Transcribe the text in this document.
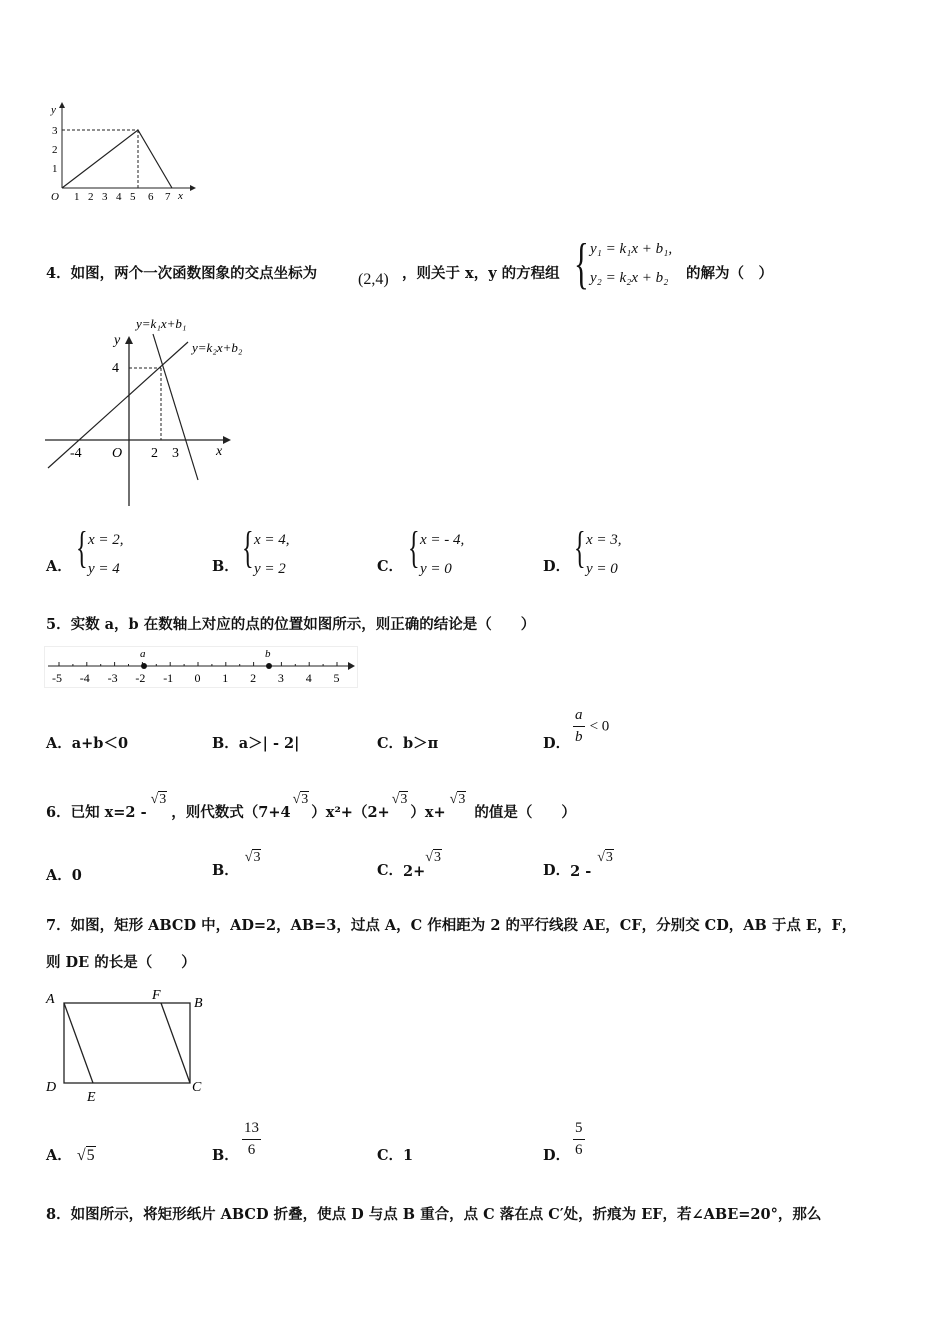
y
x
O
1
2
3
1 2 3 4 5 6 7
4．如图，两个一次函数图象的交点坐标为	(2,4) ，则关于 x，y 的方程组 { y₁ = k₁x + b₁,
y₂ = k₂x + b₂ 的解为（　）
y
x
O
4
-4	2 3
y=k₁x+b₁
y=k₂x+b₂
A． { x = 2,
y = 4	B． { x = 4,
y = 2	C． { x = - 4,
y = 0	D． { x = 3,
y = 0
5．实数 a，b 在数轴上对应的点的位置如图所示，则正确的结论是（　　）
-5 -4 -3 -2 -1 0 1 2 3 4 5
a	b
A．a+b＜0	B．a＞| - 2|	C．b＞π	D． $\frac{a}{b} < 0$
6．已知 x=2 -
√3
，则代数式（7+4
√3
）x²+（2+
√3
）x+
√3
的值是（　　）
A．0	B．
√3
C． 2+
√3
D． 2 -
√3
7．如图，矩形 ABCD 中，AD=2，AB=3，过点 A，C 作相距为 2 的平行线段 AE，CF，分别交 CD，AB 于点 E，F，
则 DE 的长是（　　）
A	B
C
D
E
F
A． √5	B． $\frac{13}{6}$	C．1	D． $\frac{5}{6}$
8．如图所示，将矩形纸片 ABCD 折叠，使点 D 与点 B 重合，点 C 落在点 C′处，折痕为 EF，若∠ABE=20°，那么
